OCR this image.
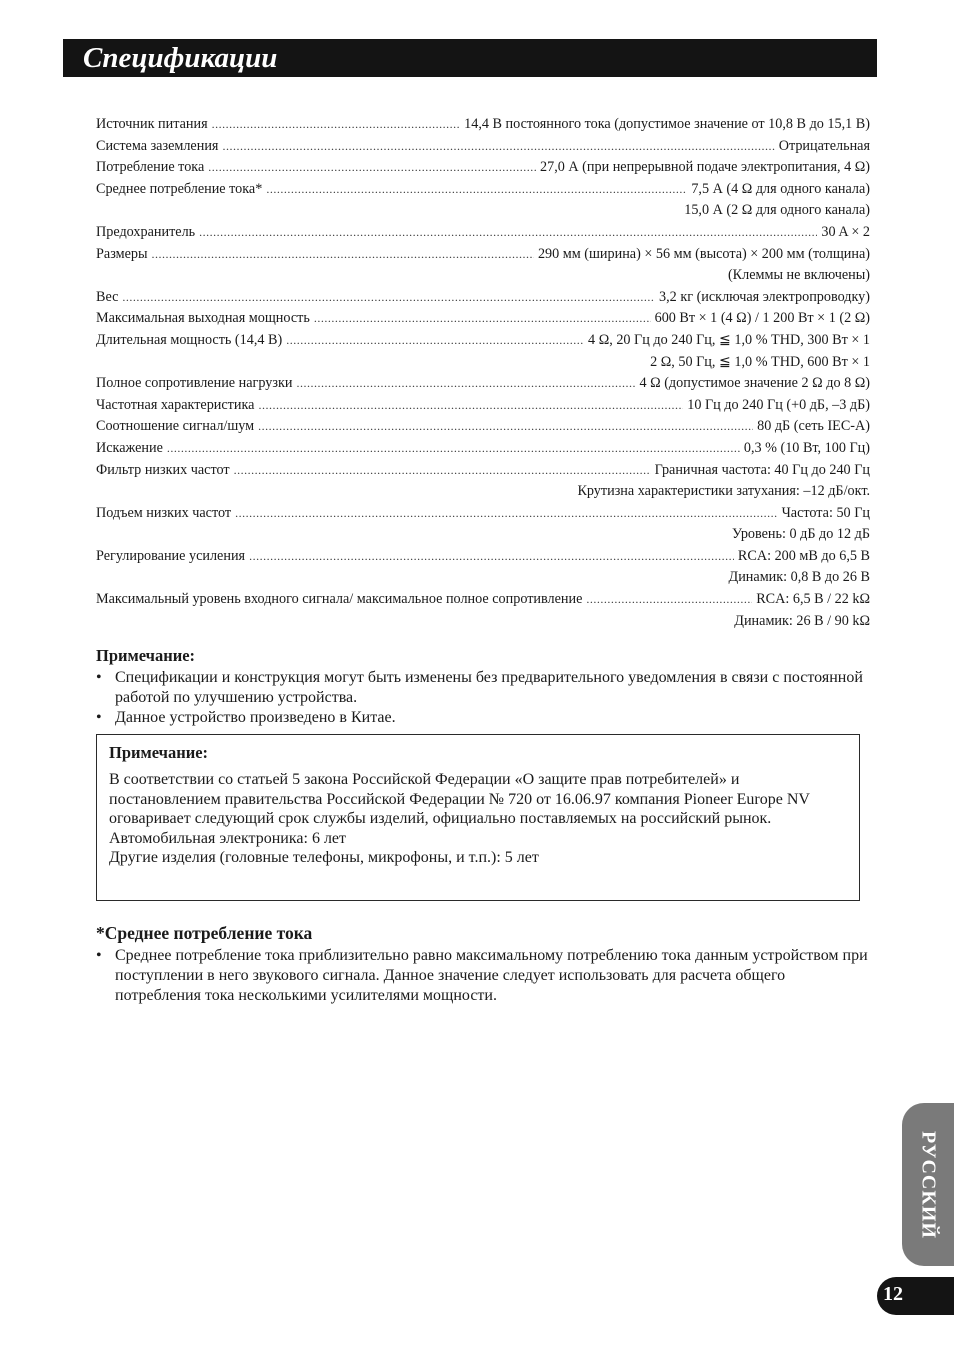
Спецификации
Источник питания .....	14,4 В постоянного тока (допустимое значение от 10,8 В до 15,1 В)
Система заземления .....	Отрицательная
Потребление тока .....	27,0 А (при непрерывной подаче электропитания, 4 Ω)
Среднее потребление тока* .....	7,5 А (4 Ω для одного канала)
15,0 А (2 Ω для одного канала)
Предохранитель .....	30 A × 2
Размеры .....	290 мм (ширина) × 56 мм (высота) × 200 мм (толщина)
(Клеммы не включены)
Вес .....	3,2 кг (исключая электропроводку)
Максимальная выходная мощность .....	600 Вт × 1 (4 Ω) / 1 200 Вт × 1 (2 Ω)
Длительная мощность (14,4 В) .....	4 Ω, 20 Гц до 240 Гц, ≦ 1,0 % THD, 300 Вт × 1
2 Ω, 50 Гц, ≦ 1,0 % THD, 600 Вт × 1
Полное сопротивление нагрузки .....	4 Ω (допустимое значение 2 Ω до 8 Ω)
Частотная характеристика .....	10 Гц до 240 Гц (+0 дБ, –3 дБ)
Соотношение сигнал/шум .....	80 дБ (сеть IEC-A)
Искажение .....	0,3 % (10 Вт, 100 Гц)
Фильтр низких частот .....	Граничная частота: 40 Гц до 240 Гц
Крутизна характеристики затухания: –12 дБ/окт.
Подъем низких частот .....	Частота: 50 Гц
Уровень: 0 дБ до 12 дБ
Регулирование усиления .....	RCA: 200 мВ до 6,5 В
Динамик: 0,8 В до 26 В
Максимальный уровень входного сигнала/ максимальное полное сопротивление .....	RCA: 6,5 В / 22 kΩ
Динамик: 26 В / 90 kΩ
Примечание:
• Спецификации и конструкция могут быть изменены без предварительного уведомления в связи с постоянной работой по улучшению устройства.
• Данное устройство произведено в Китае.
Примечание:
В соответствии со статьей 5 закона Российской Федерации «О защите прав потребителей» и постановлением правительства Российской Федерации № 720 от 16.06.97 компания Pioneer Europe NV оговаривает следующий срок службы изделий, официально поставляемых на российский рынок.
Автомобильная электроника: 6 лет
Другие изделия (головные телефоны, микрофоны, и т.п.): 5 лет
*Среднее потребление тока
• Среднее потребление тока приблизительно равно максимальному потреблению тока данным устройством при поступлении в него звукового сигнала. Данное значение следует использовать для расчета общего потребления тока несколькими усилителями мощности.
РУССКИЙ
12
